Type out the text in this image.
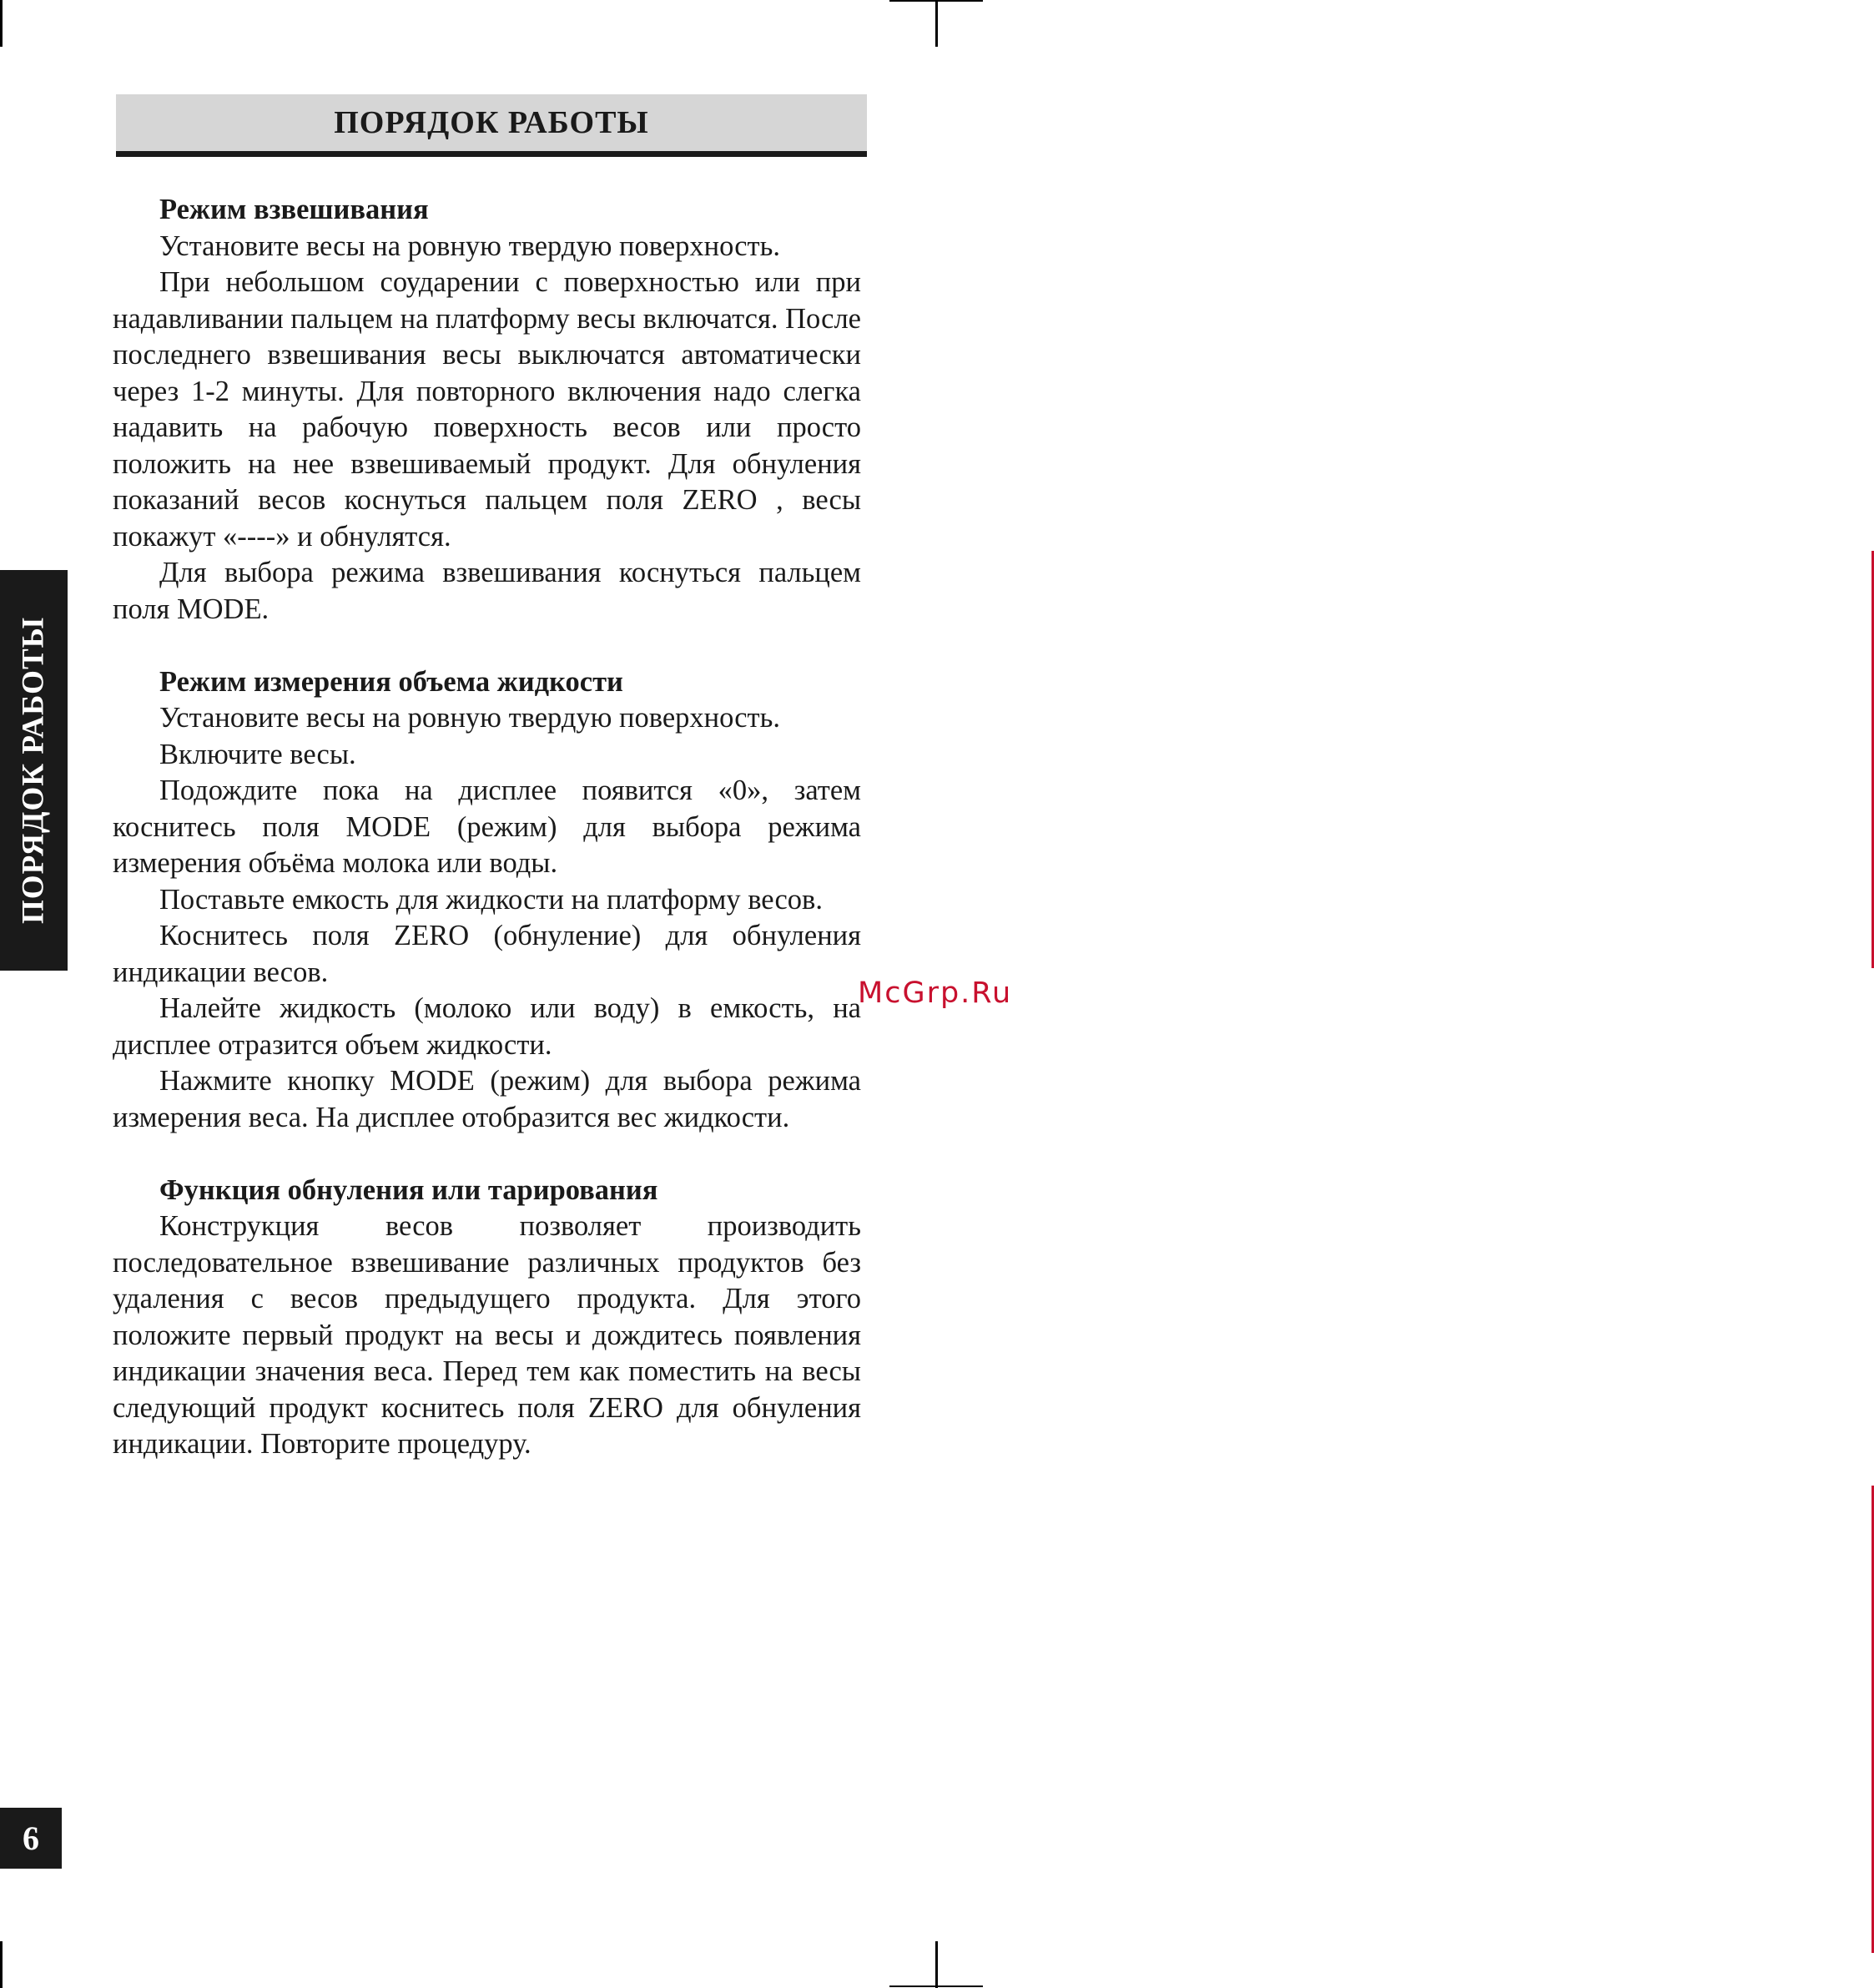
ПОРЯДОК РАБОТЫ
ПОРЯДОК РАБОТЫ
Режим взвешивания

Установите весы на ровную твердую поверхность.

При небольшом соударении с поверхностью или при надавливании пальцем на платформу весы включатся. После последнего взвешивания весы выключатся автоматически через 1-2 минуты. Для повторного включения надо слегка надавить на рабочую поверхность весов или просто положить на нее взвешиваемый продукт. Для обнуления показаний весов коснуться пальцем поля ZERO , весы покажут «----» и обнулятся.

Для выбора режима взвешивания коснуться пальцем поля MODE.

Режим измерения объема жидкости

Установите весы на ровную твердую поверхность.

Включите весы.

Подождите пока на дисплее появится «0», затем коснитесь поля MODE (режим) для выбора режима измерения объёма молока или воды.

Поставьте емкость для жидкости на платформу весов.

Коснитесь поля ZERO (обнуление) для обнуления индикации весов.

Налейте жидкость (молоко или воду) в емкость, на дисплее отразится объем жидкости.

Нажмите кнопку MODE (режим) для выбора режима измерения веса. На дисплее отобразится вес жидкости.

Функция обнуления или тарирования

Конструкция весов позволяет производить последовательное взвешивание различных продуктов без удаления с весов предыдущего продукта. Для этого положите первый продукт на весы и дождитесь появления индикации значения веса. Перед тем как поместить на весы следующий продукт коснитесь поля ZERO для обнуления индикации. Повторите процедуру.

McGrp.Ru
6
